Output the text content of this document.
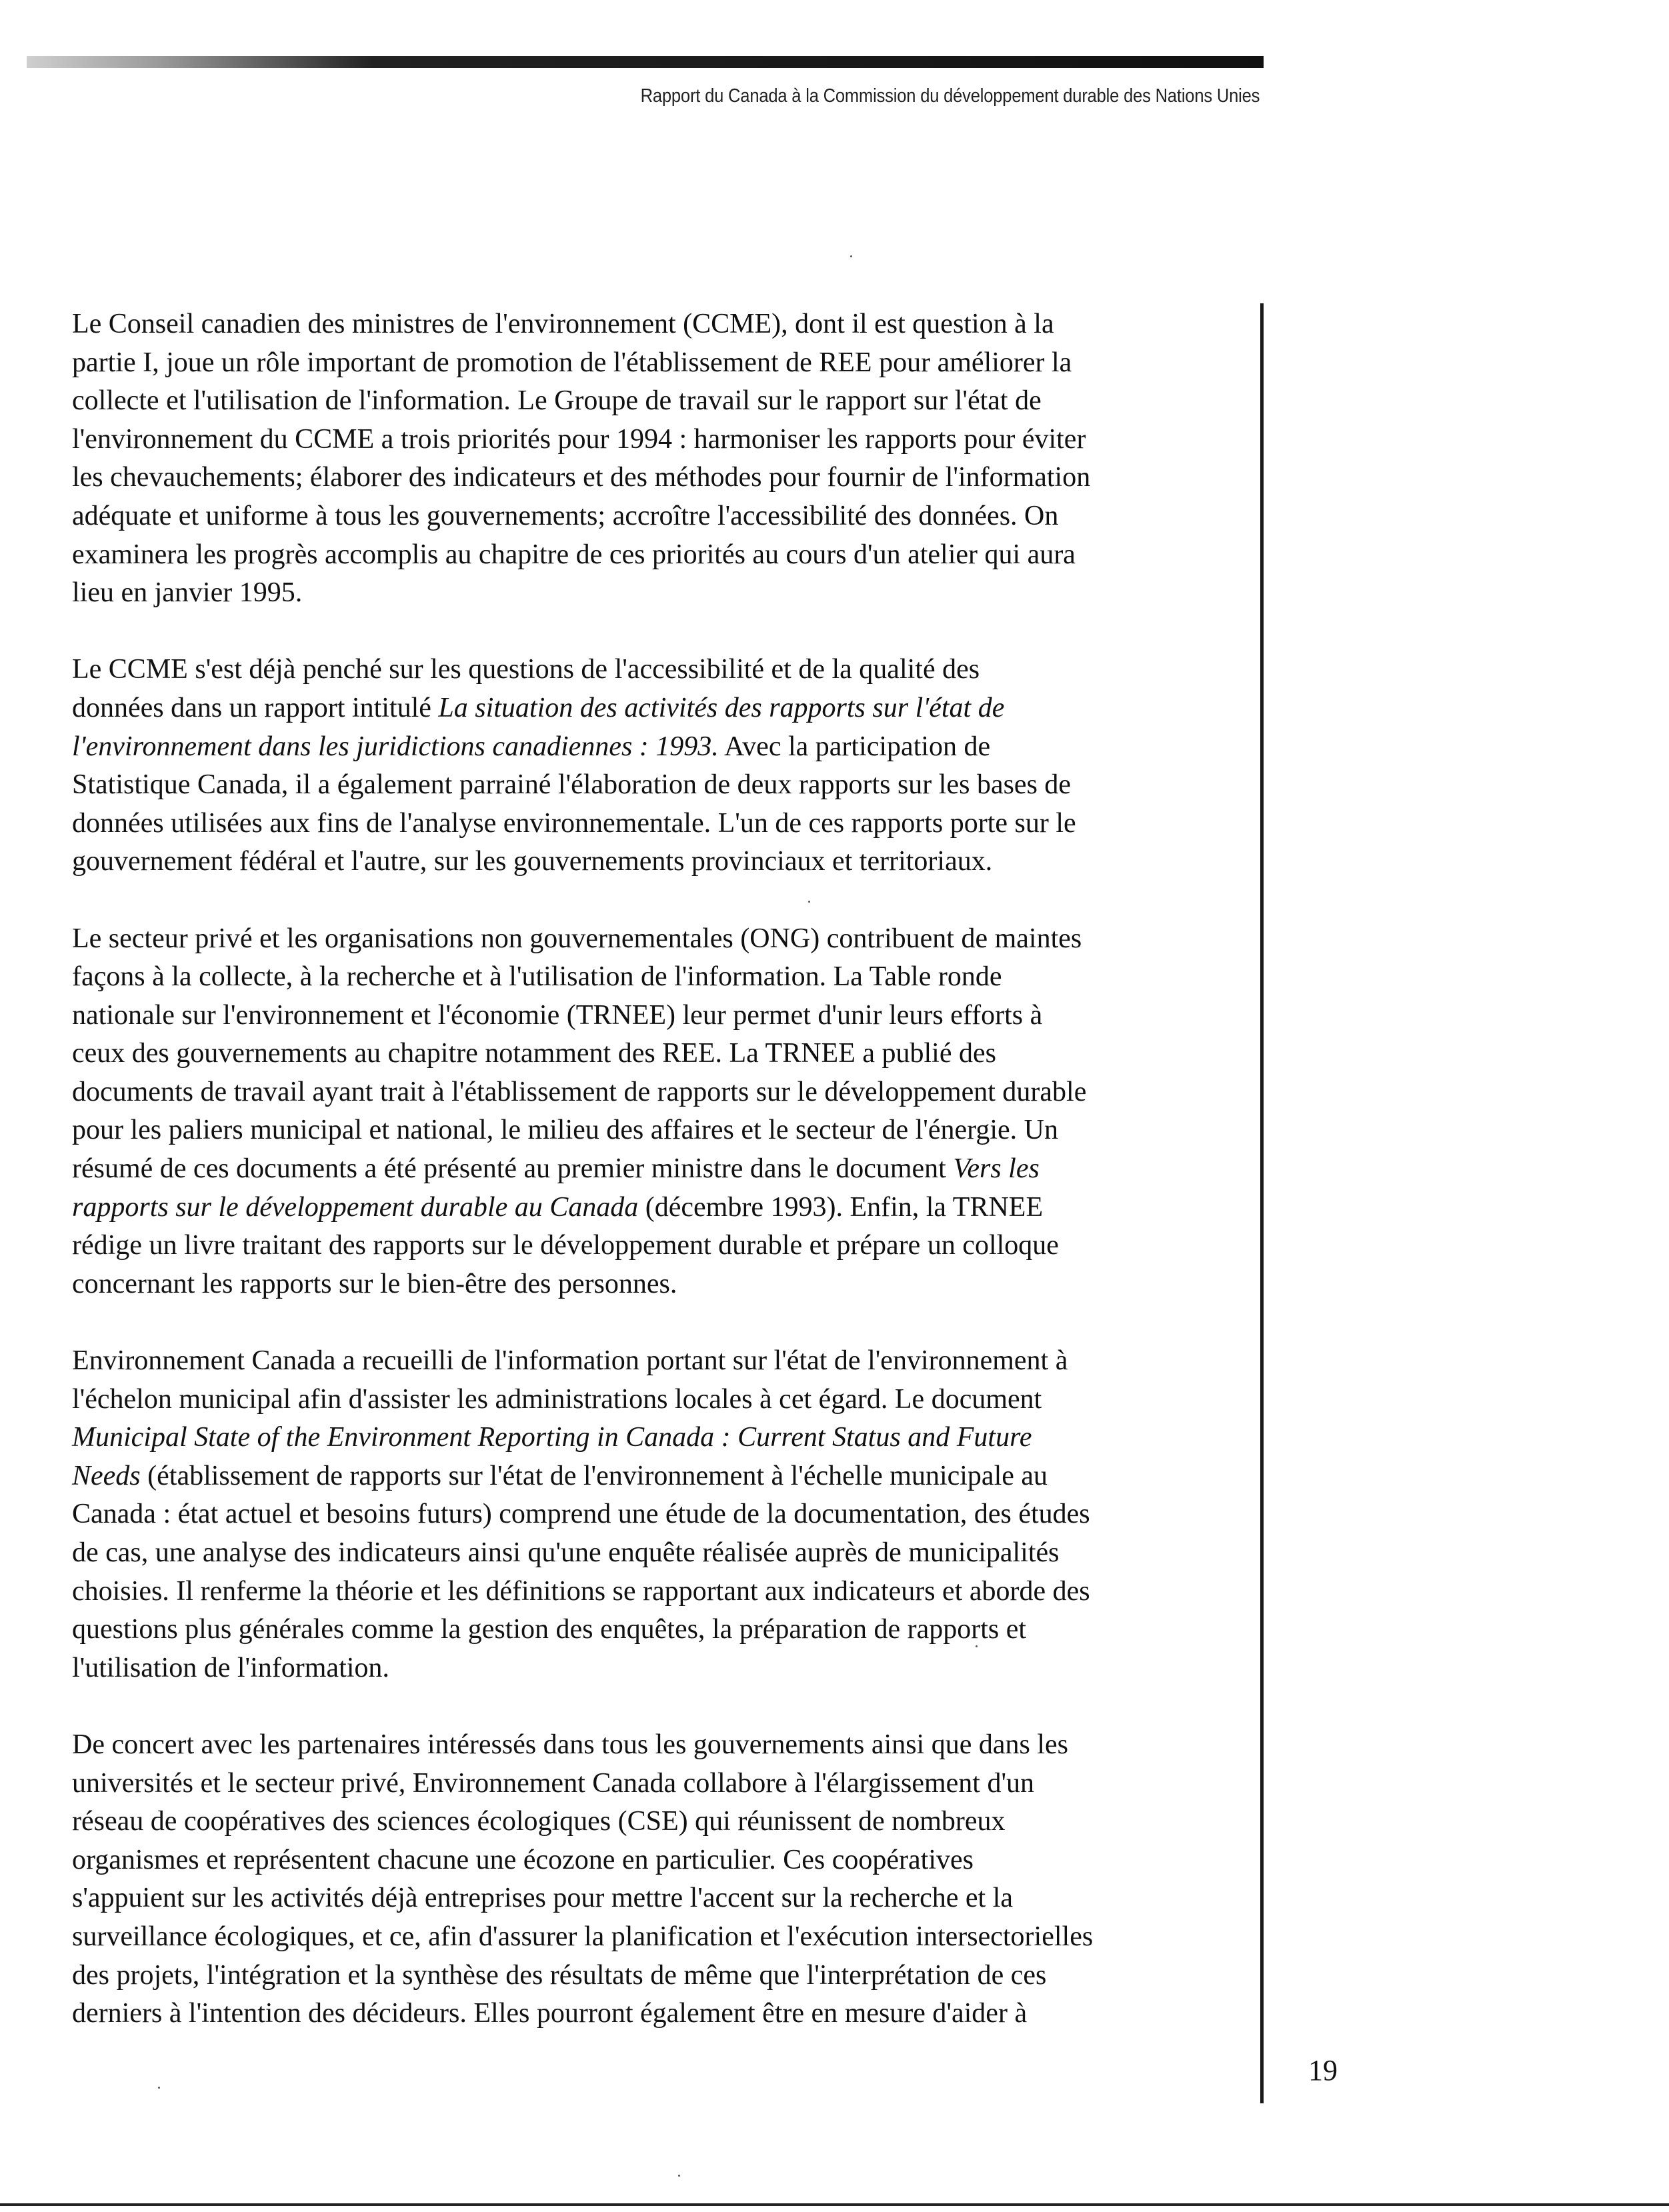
Rapport du Canada à la Commission du développement durable des Nations Unies

Le Conseil canadien des ministres de l'environnement (CCME), dont il est question à la
partie I, joue un rôle important de promotion de l'établissement de REE pour améliorer la
collecte et l'utilisation de l'information. Le Groupe de travail sur le rapport sur l'état de
l'environnement du CCME a trois priorités pour 1994 : harmoniser les rapports pour éviter
les chevauchements; élaborer des indicateurs et des méthodes pour fournir de l'information
adéquate et uniforme à tous les gouvernements; accroître l'accessibilité des données. On
examinera les progrès accomplis au chapitre de ces priorités au cours d'un atelier qui aura
lieu en janvier 1995.

Le CCME s'est déjà penché sur les questions de l'accessibilité et de la qualité des
données dans un rapport intitulé La situation des activités des rapports sur l'état de
l'environnement dans les juridictions canadiennes : 1993. Avec la participation de
Statistique Canada, il a également parrainé l'élaboration de deux rapports sur les bases de
données utilisées aux fins de l'analyse environnementale. L'un de ces rapports porte sur le
gouvernement fédéral et l'autre, sur les gouvernements provinciaux et territoriaux.

Le secteur privé et les organisations non gouvernementales (ONG) contribuent de maintes
façons à la collecte, à la recherche et à l'utilisation de l'information. La Table ronde
nationale sur l'environnement et l'économie (TRNEE) leur permet d'unir leurs efforts à
ceux des gouvernements au chapitre notamment des REE. La TRNEE a publié des
documents de travail ayant trait à l'établissement de rapports sur le développement durable
pour les paliers municipal et national, le milieu des affaires et le secteur de l'énergie. Un
résumé de ces documents a été présenté au premier ministre dans le document Vers les
rapports sur le développement durable au Canada (décembre 1993). Enfin, la TRNEE
rédige un livre traitant des rapports sur le développement durable et prépare un colloque
concernant les rapports sur le bien-être des personnes.

Environnement Canada a recueilli de l'information portant sur l'état de l'environnement à
l'échelon municipal afin d'assister les administrations locales à cet égard. Le document
Municipal State of the Environment Reporting in Canada : Current Status and Future
Needs (établissement de rapports sur l'état de l'environnement à l'échelle municipale au
Canada : état actuel et besoins futurs) comprend une étude de la documentation, des études
de cas, une analyse des indicateurs ainsi qu'une enquête réalisée auprès de municipalités
choisies. Il renferme la théorie et les définitions se rapportant aux indicateurs et aborde des
questions plus générales comme la gestion des enquêtes, la préparation de rapports et
l'utilisation de l'information.

De concert avec les partenaires intéressés dans tous les gouvernements ainsi que dans les
universités et le secteur privé, Environnement Canada collabore à l'élargissement d'un
réseau de coopératives des sciences écologiques (CSE) qui réunissent de nombreux
organismes et représentent chacune une écozone en particulier. Ces coopératives
s'appuient sur les activités déjà entreprises pour mettre l'accent sur la recherche et la
surveillance écologiques, et ce, afin d'assurer la planification et l'exécution intersectorielles
des projets, l'intégration et la synthèse des résultats de même que l'interprétation de ces
derniers à l'intention des décideurs. Elles pourront également être en mesure d'aider à

19
